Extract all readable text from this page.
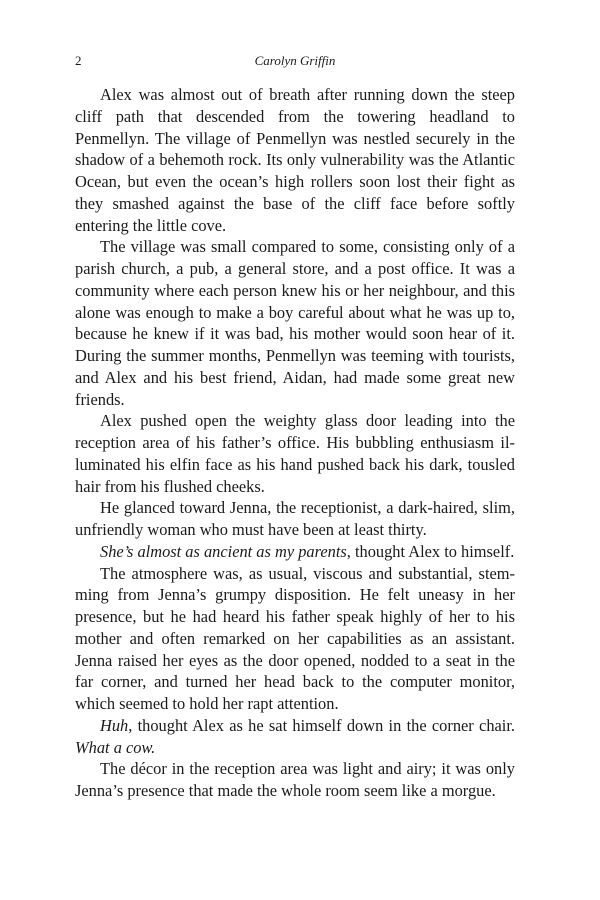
2	Carolyn Griffin

Alex was almost out of breath after running down the steep cliff path that descended from the towering headland to Penmellyn. The village of Penmellyn was nestled securely in the shadow of a behemoth rock. Its only vulnerability was the Atlantic Ocean, but even the ocean’s high rollers soon lost their fight as they smashed against the base of the cliff face before softly entering the little cove.

The village was small compared to some, consisting only of a parish church, a pub, a general store, and a post office. It was a community where each person knew his or her neighbour, and this alone was enough to make a boy careful about what he was up to, because he knew if it was bad, his mother would soon hear of it. During the summer months, Penmellyn was teeming with tourists, and Alex and his best friend, Aidan, had made some great new friends.

Alex pushed open the weighty glass door leading into the reception area of his father’s office. His bubbling enthusiasm illuminated his elfin face as his hand pushed back his dark, tousled hair from his flushed cheeks.

He glanced toward Jenna, the receptionist, a dark-haired, slim, unfriendly woman who must have been at least thirty.

She’s almost as ancient as my parents, thought Alex to himself.

The atmosphere was, as usual, viscous and substantial, stemming from Jenna’s grumpy disposition. He felt uneasy in her presence, but he had heard his father speak highly of her to his mother and often remarked on her capabilities as an assistant. Jenna raised her eyes as the door opened, nodded to a seat in the far corner, and turned her head back to the computer monitor, which seemed to hold her rapt attention.

Huh, thought Alex as he sat himself down in the corner chair. What a cow.

The décor in the reception area was light and airy; it was only Jenna’s presence that made the whole room seem like a morgue.
